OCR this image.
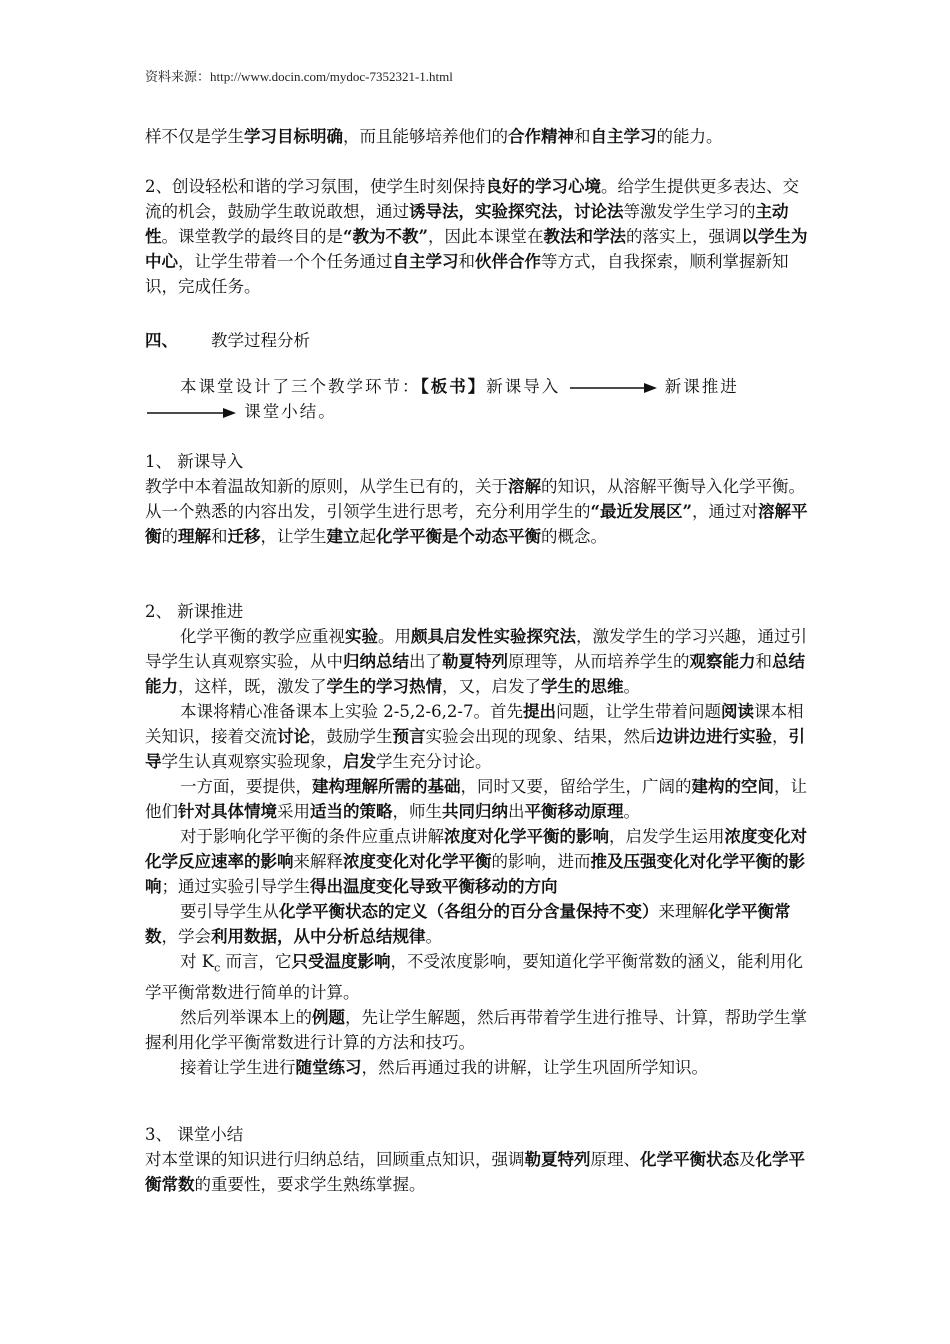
资料来源：http://www.docin.com/mydoc-7352321-1.html

样不仅是学生学习目标明确，而且能够培养他们的合作精神和自主学习的能力。

2、创设轻松和谐的学习氛围，使学生时刻保持良好的学习心境。给学生提供更多表达、交流的机会，鼓励学生敢说敢想，通过诱导法，实验探究法，讨论法等激发学生学习的主动性。课堂教学的最终目的是“教为不教”，因此本课堂在教法和学法的落实上，强调以学生为中心，让学生带着一个个任务通过自主学习和伙伴合作等方式，自我探索，顺利掌握新知识，完成任务。

四、 教学过程分析
本课堂设计了三个教学环节：【板书】新课导入	新课推进
课堂小结。

1、 新课导入

教学中本着温故知新的原则，从学生已有的，关于溶解的知识，从溶解平衡导入化学平衡。从一个熟悉的内容出发，引领学生进行思考，充分利用学生的“最近发展区”，通过对溶解平衡的理解和迁移，让学生建立起化学平衡是个动态平衡的概念。

2、 新课推进

化学平衡的教学应重视实验。用颇具启发性实验探究法，激发学生的学习兴趣，通过引导学生认真观察实验，从中归纳总结出了勒夏特列原理等，从而培养学生的观察能力和总结能力，这样，既，激发了学生的学习热情，又，启发了学生的思维。

本课将精心准备课本上实验 2-5,2-6,2-7。首先提出问题，让学生带着问题阅读课本相关知识，接着交流讨论，鼓励学生预言实验会出现的现象、结果，然后边讲边进行实验，引导学生认真观察实验现象，启发学生充分讨论。

一方面，要提供，建构理解所需的基础，同时又要，留给学生，广阔的建构的空间，让他们针对具体情境采用适当的策略，师生共同归纳出平衡移动原理。

对于影响化学平衡的条件应重点讲解浓度对化学平衡的影响，启发学生运用浓度变化对化学反应速率的影响来解释浓度变化对化学平衡的影响，进而推及压强变化对化学平衡的影响；通过实验引导学生得出温度变化导致平衡移动的方向

要引导学生从化学平衡状态的定义（各组分的百分含量保持不变）来理解化学平衡常数，学会利用数据，从中分析总结规律。

对 $K_c$ 而言，它只受温度影响，不受浓度影响，要知道化学平衡常数的涵义，能利用化学平衡常数进行简单的计算。

然后列举课本上的例题，先让学生解题，然后再带着学生进行推导、计算，帮助学生掌握利用化学平衡常数进行计算的方法和技巧。

接着让学生进行随堂练习，然后再通过我的讲解，让学生巩固所学知识。

3、 课堂小结

对本堂课的知识进行归纳总结，回顾重点知识，强调勒夏特列原理、化学平衡状态及化学平衡常数的重要性，要求学生熟练掌握。
